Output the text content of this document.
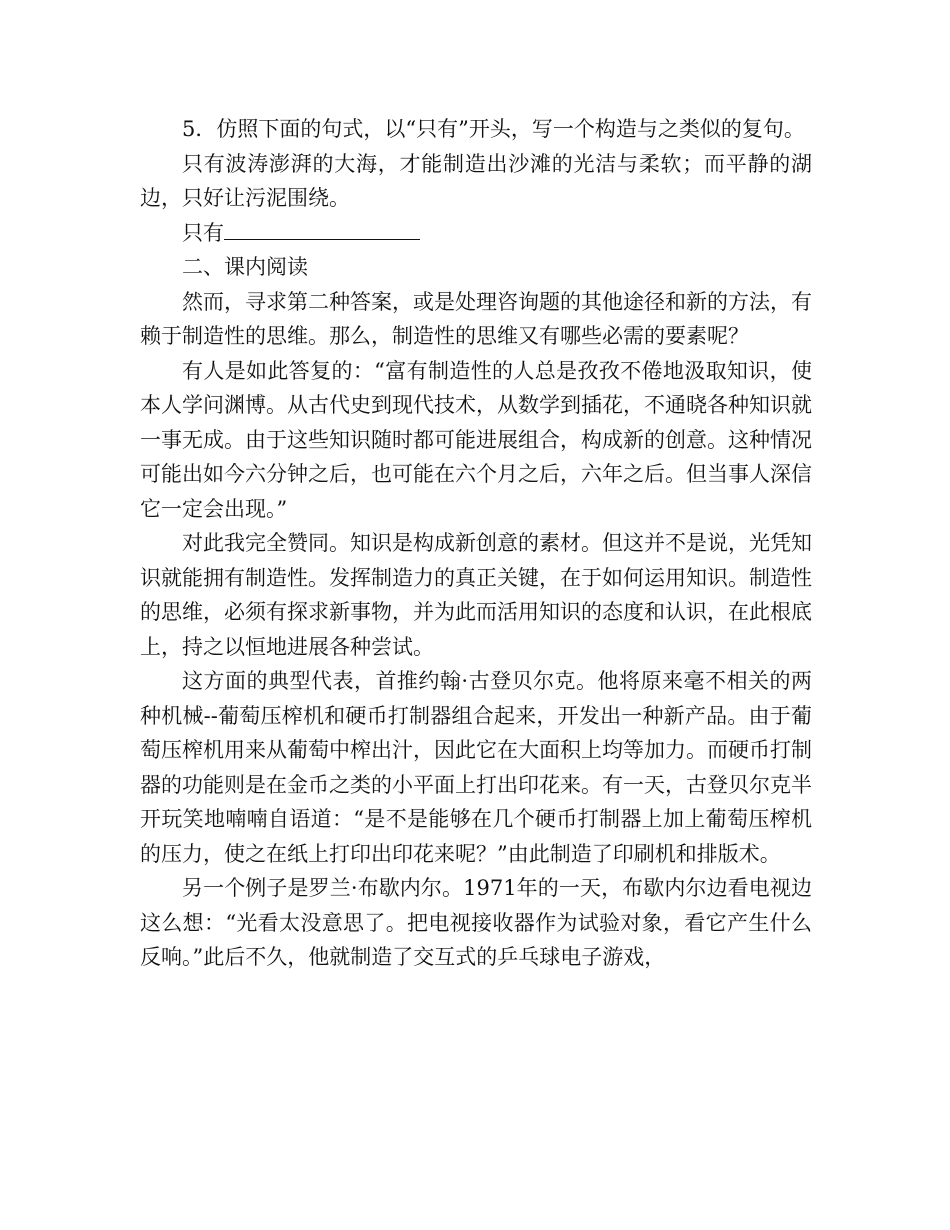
5．仿照下面的句式，以“只有”开头，写一个构造与之类似的复句。

只有波涛澎湃的大海，才能制造出沙滩的光洁与柔软；而平静的湖边，只好让污泥围绕。

只有

二、课内阅读

然而，寻求第二种答案，或是处理咨询题的其他途径和新的方法，有赖于制造性的思维。那么，制造性的思维又有哪些必需的要素呢？

有人是如此答复的：“富有制造性的人总是孜孜不倦地汲取知识，使本人学问渊博。从古代史到现代技术，从数学到插花，不通晓各种知识就一事无成。由于这些知识随时都可能进展组合，构成新的创意。这种情况可能出如今六分钟之后，也可能在六个月之后，六年之后。但当事人深信它一定会出现。”

对此我完全赞同。知识是构成新创意的素材。但这并不是说，光凭知识就能拥有制造性。发挥制造力的真正关键，在于如何运用知识。制造性的思维，必须有探求新事物，并为此而活用知识的态度和认识，在此根底上，持之以恒地进展各种尝试。

这方面的典型代表，首推约翰·古登贝尔克。他将原来毫不相关的两种机械--葡萄压榨机和硬币打制器组合起来，开发出一种新产品。由于葡萄压榨机用来从葡萄中榨出汁，因此它在大面积上均等加力。而硬币打制器的功能则是在金币之类的小平面上打出印花来。有一天，古登贝尔克半开玩笑地喃喃自语道：“是不是能够在几个硬币打制器上加上葡萄压榨机的压力，使之在纸上打印出印花来呢？”由此制造了印刷机和排版术。

另一个例子是罗兰·布歇内尔。1971年的一天，布歇内尔边看电视边这么想：“光看太没意思了。把电视接收器作为试验对象，看它产生什么反响。”此后不久，他就制造了交互式的乒乓球电子游戏，
